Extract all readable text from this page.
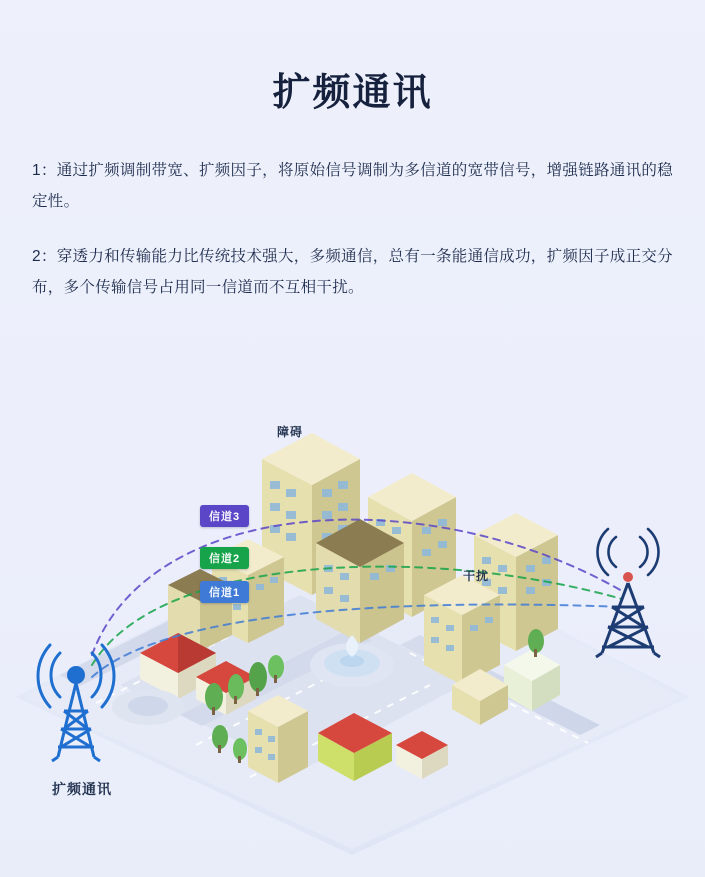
扩频通讯

1：通过扩频调制带宽、扩频因子，将原始信号调制为多信道的宽带信号，增强链路通讯的稳定性。

2：穿透力和传输能力比传统技术强大，多频通信，总有一条能通信成功，扩频因子成正交分布，多个传输信号占用同一信道而不互相干扰。

信道3
信道2
信道1
障碍
干扰
扩频通讯
